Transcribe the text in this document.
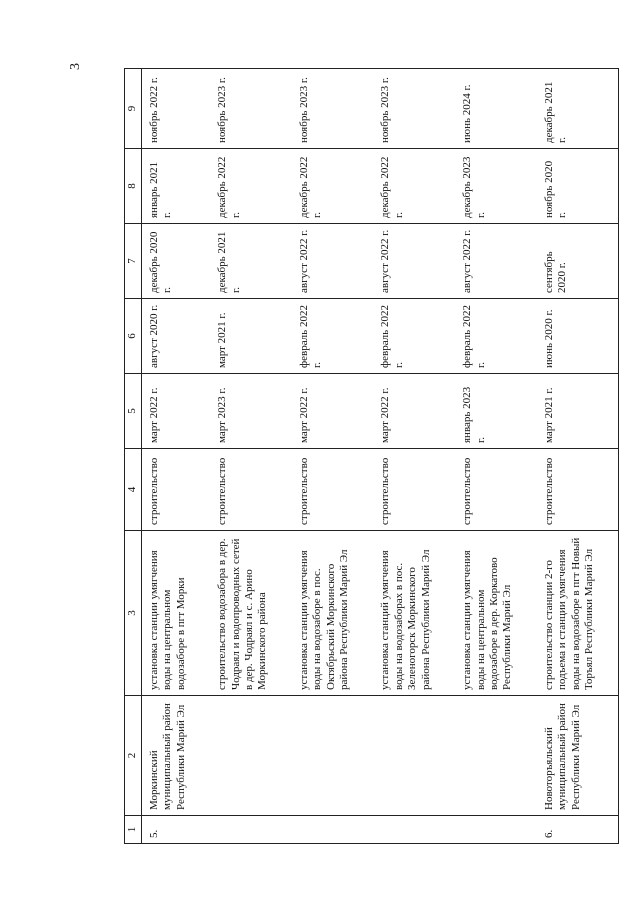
3
1	2	3	4	5	6	7	8	9
5.	Моркинский муниципальный район Республики Марий Эл	установка станции умягчения воды на центральном водозаборе в пгт Морки	строительство	март 2022 г.	август 2020 г.	декабрь 2020 г.	январь 2021 г.	ноябрь 2022 г.
		строительство водозабора в дер. Чодраял и водопроводных сетей в дер. Чодраял и с. Арино Моркинского района	строительство	март 2023 г.	март 2021 г.	декабрь 2021 г.	декабрь 2022 г.	ноябрь 2023 г.
		установка станции умягчения воды на водозаборе в пос. Октябрьский Моркинского района Республики Марий Эл	строительство	март 2022 г.	февраль 2022 г.	август 2022 г.	декабрь 2022 г.	ноябрь 2023 г.
		установка станций умягчения воды на водозаборах в пос. Зеленогорск Моркинского района Республики Марий Эл	строительство	март 2022 г.	февраль 2022 г.	август 2022 г.	декабрь 2022 г.	ноябрь 2023 г.
		установка станции умягчения воды на центральном водозаборе в дер. Коркатово Республики Марий Эл	строительство	январь 2023 г.	февраль 2022 г.	август 2022 г.	декабрь 2023 г.	июнь 2024 г.
6.	Новоторъяльский муниципальный район Республики Марий Эл	строительство станции 2-го подъема и станции умягчения воды на водозаборе в пгт Новый Торъял Республики Марий Эл	строительство	март 2021 г.	июнь 2020 г.	сентябрь 2020 г.	ноябрь 2020 г.	декабрь 2021 г.
